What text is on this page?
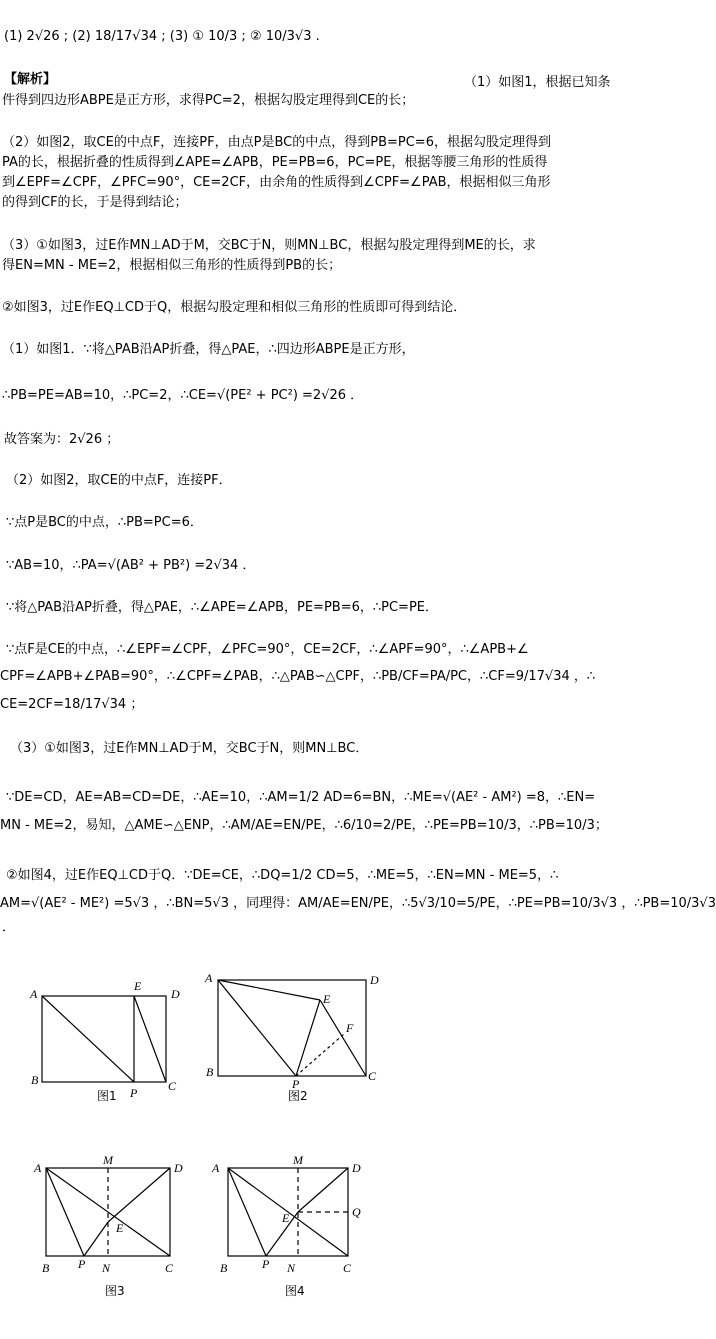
(1) 2√26 ; (2) 18/17√34 ; (3) ① 10/3 ; ② 10/3√3 .
【解析】	（1）如图1，根据已知条
件得到四边形ABPE是正方形，求得PC=2，根据勾股定理得到CE的长；
（2）如图2，取CE的中点F，连接PF，由点P是BC的中点，得到PB=PC=6，根据勾股定理得到
PA的长，根据折叠的性质得到∠APE=∠APB，PE=PB=6，PC=PE，根据等腰三角形的性质得
到∠EPF=∠CPF，∠PFC=90°，CE=2CF，由余角的性质得到∠CPF=∠PAB，根据相似三角形
的得到CF的长，于是得到结论；
（3）①如图3，过E作MN⊥AD于M，交BC于N，则MN⊥BC，根据勾股定理得到ME的长，求
得EN=MN - ME=2，根据相似三角形的性质得到PB的长；
②如图3，过E作EQ⊥CD于Q，根据勾股定理和相似三角形的性质即可得到结论．
（1）如图1．∵将△PAB沿AP折叠，得△PAE，∴四边形ABPE是正方形，
∴PB=PE=AB=10，∴PC=2，∴CE=√(PE² + PC²) =2√26 ．
故答案为：2√26 ；
（2）如图2，取CE的中点F，连接PF．
∵点P是BC的中点，∴PB=PC=6．
∵AB=10，∴PA=√(AB² + PB²) =2√34 ．
∵将△PAB沿AP折叠，得△PAE，∴∠APE=∠APB，PE=PB=6，∴PC=PE．
∵点F是CE的中点，∴∠EPF=∠CPF，∠PFC=90°，CE=2CF，∴∠APF=90°，∴∠APB+∠
CPF=∠APB+∠PAB=90°，∴∠CPF=∠PAB，∴△PAB∽△CPF，∴PB/CF=PA/PC，∴CF=9/17√34 ，∴
CE=2CF=18/17√34 ；
（3）①如图3，过E作MN⊥AD于M，交BC于N，则MN⊥BC．
∵DE=CD，AE=AB=CD=DE，∴AE=10，∴AM=1/2 AD=6=BN，∴ME=√(AE² - AM²) =8，∴EN=
MN - ME=2，易知，△AME∽△ENP，∴AM/AE=EN/PE，∴6/10=2/PE，∴PE=PB=10/3，∴PB=10/3；
②如图4，过E作EQ⊥CD于Q．∵DE=CE，∴DQ=1/2 CD=5，∴ME=5，∴EN=MN - ME=5，∴
AM=√(AE² - ME²) =5√3 ，∴BN=5√3 ，同理得：AM/AE=EN/PE，∴5√3/10=5/PE，∴PE=PB=10/3√3 ，∴PB=10/3√3
．
A
B
P	C
D
E
图1
A
B
P
C
D
E
F
图2
A
B P N	C
D
M
E
图3
A
B	P N	C
D
M
E	Q
图4
